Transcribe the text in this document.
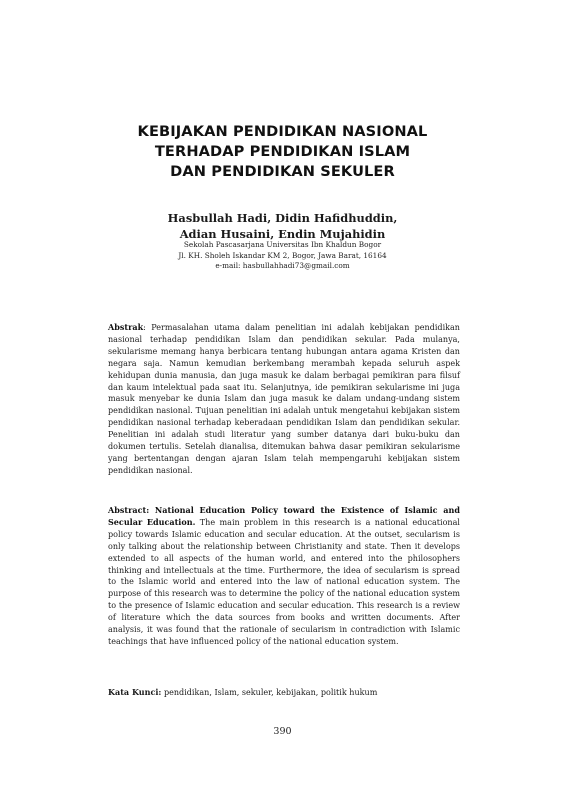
KEBIJAKAN PENDIDIKAN NASIONAL
TERHADAP PENDIDIKAN ISLAM
DAN PENDIDIKAN SEKULER
Hasbullah Hadi, Didin Hafidhuddin,
Adian Husaini, Endin Mujahidin
Sekolah Pascasarjana Universitas Ibn Khaldun Bogor
Jl. KH. Sholeh Iskandar KM 2, Bogor, Jawa Barat, 16164
e-mail: hasbullahhadi73@gmail.com
Abstrak: Permasalahan utama dalam penelitian ini adalah kebijakan pendidikan nasional terhadap pendidikan Islam dan pendidikan sekular. Pada mulanya, sekularisme memang hanya berbicara tentang hubungan antara agama Kristen dan negara saja. Namun kemudian berkembang merambah kepada seluruh aspek kehidupan dunia manusia, dan juga masuk ke dalam berbagai pemikiran para filsuf dan kaum intelektual pada saat itu. Selanjutnya, ide pemikiran sekularisme ini juga masuk menyebar ke dunia Islam dan juga masuk ke dalam undang-undang sistem pendidikan nasional. Tujuan penelitian ini adalah untuk mengetahui kebijakan sistem pendidikan nasional terhadap keberadaan pendidikan Islam dan pendidikan sekular. Penelitian ini adalah studi literatur yang sumber datanya dari buku-buku dan dokumen tertulis. Setelah dianalisa, ditemukan bahwa dasar pemikiran sekularisme yang bertentangan dengan ajaran Islam telah mempengaruhi kebijakan sistem pendidikan nasional.
Abstract: National Education Policy toward the Existence of Islamic and Secular Education. The main problem in this research is a national educational policy towards Islamic education and secular education. At the outset, secularism is only talking about the relationship between Christianity and state. Then it develops extended to all aspects of the human world, and entered into the philosophers thinking and intellectuals at the time. Furthermore, the idea of secularism is spread to the Islamic world and entered into the law of national education system. The purpose of this research was to determine the policy of the national education system to the presence of Islamic education and secular education. This research is a review of literature which the data sources from books and written documents. After analysis, it was found that the rationale of secularism in contradiction with Islamic teachings that have influenced policy of the national education system.
Kata Kunci: pendidikan, Islam, sekuler, kebijakan, politik hukum
390
